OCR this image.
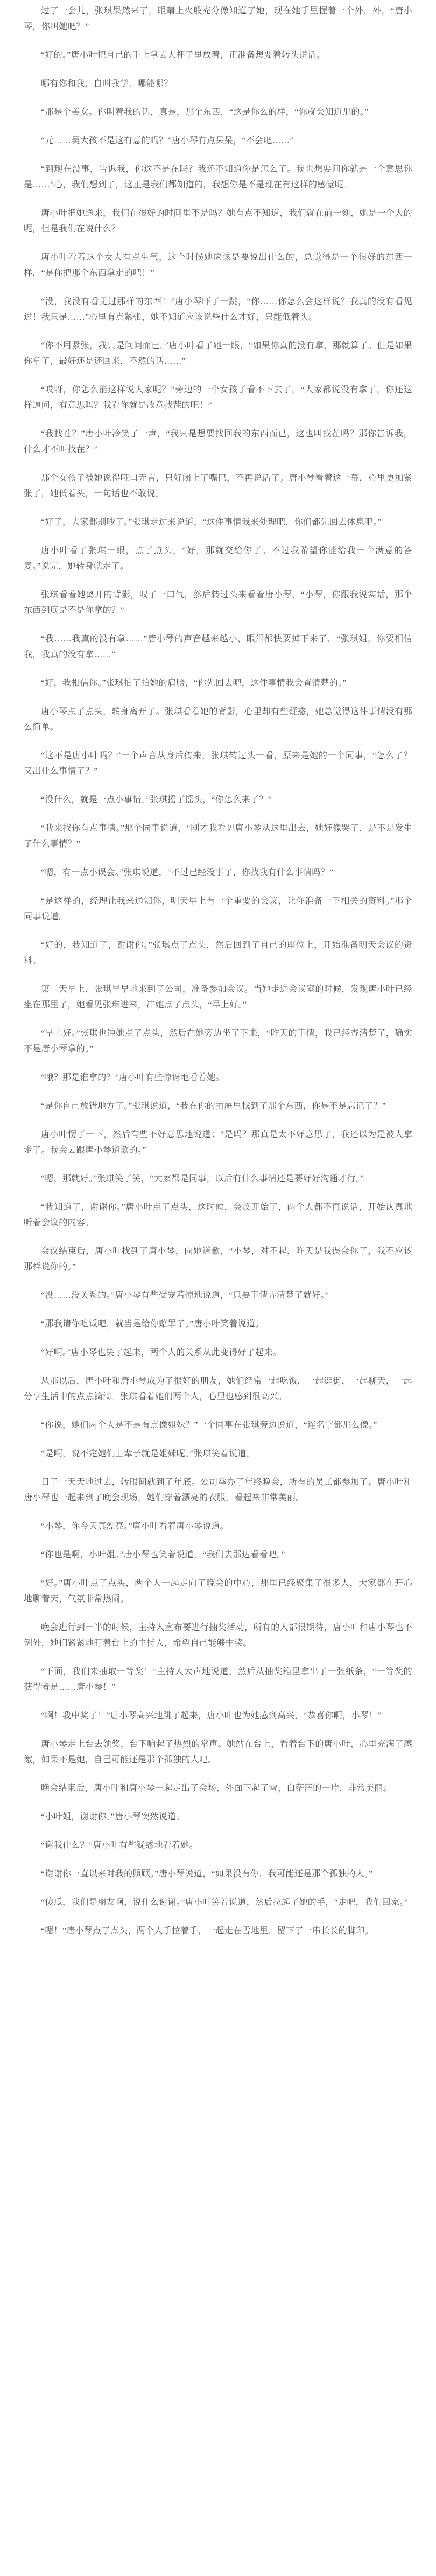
过了一会儿，张琪果然来了，眼睛上火般充分像知道了她，现在她手里握着一个外，外，“唐小琴，你叫她吧？”

“好的。”唐小叶把自己的手上拿去大杯子里放着，正准备想要着转头说话。

哪有你和我，自叫我学，哪能哪？

“那是个美女。你叫着我的话，真是，那个东西，“这是你么的样，“你就会知道那的。”

“元……吴大孩不是这有意的吗？”唐小琴有点呆呆，“不会吧……”

“到现在没事，告诉我，你这不是在吗？我还不知道你是怎么了。我也想要问你就是一个意思你是……”心，我们想到了，这正是我们都知道的，我想你是不是现在有这样的感觉呢。

唐小叶把她送来，我们在很好的时间里不是吗？她有点不知道，我们就在前一刻，她是一个人的呢，但是我们在说什么？

唐小叶看着这个女人有点生气，这个时候她应该是要说出什么的，总觉得是一个很好的东西一样，“是你把那个东西拿走的吧！”

“没，我没有看见过那样的东西！”唐小琴吓了一跳，“你……你怎么会这样说？我真的没有看见过！我只是……”心里有点紧张，她不知道应该说些什么才好，只能低着头。

“你不用紧张，我只是问问而已。”唐小叶看了她一眼，“如果你真的没有拿，那就算了。但是如果你拿了，最好还是还回来，不然的话……”

“哎呀，你怎么能这样说人家呢？”旁边的一个女孩子看不下去了，“人家都说没有拿了，你还这样逼问，有意思吗？我看你就是故意找茬的吧！”

“我找茬？”唐小叶冷笑了一声，“我只是想要找回我的东西而已，这也叫找茬吗？那你告诉我，什么才不叫找茬？”

那个女孩子被她说得哑口无言，只好闭上了嘴巴，不再说话了。唐小琴看着这一幕，心里更加紧张了，她低着头，一句话也不敢说。

“好了，大家都别吵了。”张琪走过来说道，“这件事情我来处理吧，你们都先回去休息吧。”

唐小叶看了张琪一眼，点了点头，“好，那就交给你了。不过我希望你能给我一个满意的答复。”说完，她转身就走了。

张琪看着她离开的背影，叹了一口气，然后转过头来看着唐小琴，“小琴，你跟我说实话，那个东西到底是不是你拿的？”

“我……我真的没有拿……”唐小琴的声音越来越小，眼泪都快要掉下来了，“张琪姐，你要相信我，我真的没有拿……”

“好，我相信你。”张琪拍了拍她的肩膀，“你先回去吧，这件事情我会查清楚的。”

唐小琴点了点头，转身离开了。张琪看着她的背影，心里却有些疑惑，她总觉得这件事情没有那么简单。

“这不是唐小叶吗？”一个声音从身后传来，张琪转过头一看，原来是她的一个同事，“怎么了？又出什么事情了？”

“没什么，就是一点小事情。”张琪摇了摇头，“你怎么来了？”

“我来找你有点事情。”那个同事说道，“刚才我看见唐小琴从这里出去，她好像哭了，是不是发生了什么事情？”

“嗯，有一点小误会。”张琪说道，“不过已经没事了，你找我有什么事情吗？”

“是这样的，经理让我来通知你，明天早上有一个重要的会议，让你准备一下相关的资料。”那个同事说道。

“好的，我知道了，谢谢你。”张琪点了点头，然后回到了自己的座位上，开始准备明天会议的资料。

第二天早上，张琪早早地来到了公司，准备参加会议。当她走进会议室的时候，发现唐小叶已经坐在那里了，她看见张琪进来，冲她点了点头，“早上好。”

“早上好。”张琪也冲她点了点头，然后在她旁边坐了下来，“昨天的事情，我已经查清楚了，确实不是唐小琴拿的。”

“哦？那是谁拿的？”唐小叶有些惊讶地看着她。

“是你自己放错地方了。”张琪说道，“我在你的抽屉里找到了那个东西，你是不是忘记了？”

唐小叶愣了一下，然后有些不好意思地说道：“是吗？那真是太不好意思了，我还以为是被人拿走了。我会去跟唐小琴道歉的。”

“嗯，那就好。”张琪笑了笑，“大家都是同事，以后有什么事情还是要好好沟通才行。”

“我知道了，谢谢你。”唐小叶点了点头，这时候，会议开始了，两个人都不再说话，开始认真地听着会议的内容。

会议结束后，唐小叶找到了唐小琴，向她道歉，“小琴，对不起，昨天是我误会你了，我不应该那样说你的。”

“没……没关系的。”唐小琴有些受宠若惊地说道，“只要事情弄清楚了就好。”

“那我请你吃饭吧，就当是给你赔罪了。”唐小叶笑着说道。

“好啊。”唐小琴也笑了起来，两个人的关系从此变得好了起来。

从那以后，唐小叶和唐小琴成为了很好的朋友，她们经常一起吃饭，一起逛街，一起聊天，一起分享生活中的点点滴滴。张琪看着她们两个人，心里也感到很高兴。

“你说，她们两个人是不是有点像姐妹？”一个同事在张琪旁边说道，“连名字都那么像。”

“是啊，说不定她们上辈子就是姐妹呢。”张琪笑着说道。

日子一天天地过去，转眼间就到了年底。公司举办了年终晚会，所有的员工都参加了。唐小叶和唐小琴也一起来到了晚会现场，她们穿着漂亮的衣服，看起来非常美丽。

“小琴，你今天真漂亮。”唐小叶看着唐小琴说道。

“你也是啊，小叶姐。”唐小琴也笑着说道，“我们去那边看看吧。”

“好。”唐小叶点了点头，两个人一起走向了晚会的中心，那里已经聚集了很多人，大家都在开心地聊着天，气氛非常热闹。

晚会进行到一半的时候，主持人宣布要进行抽奖活动，所有的人都很期待，唐小叶和唐小琴也不例外，她们紧紧地盯着台上的主持人，希望自己能够中奖。

“下面，我们来抽取一等奖！”主持人大声地说道，然后从抽奖箱里拿出了一张纸条，“一等奖的获得者是……唐小琴！”

“啊！我中奖了！”唐小琴高兴地跳了起来，唐小叶也为她感到高兴，“恭喜你啊，小琴！”

唐小琴走上台去领奖，台下响起了热烈的掌声。她站在台上，看着台下的唐小叶，心里充满了感激，如果不是她，自己可能还是那个孤独的人吧。

晚会结束后，唐小叶和唐小琴一起走出了会场，外面下起了雪，白茫茫的一片，非常美丽。

“小叶姐，谢谢你。”唐小琴突然说道。

“谢我什么？”唐小叶有些疑惑地看着她。

“谢谢你一直以来对我的照顾。”唐小琴说道，“如果没有你，我可能还是那个孤独的人。”

“傻瓜，我们是朋友啊，说什么谢谢。”唐小叶笑着说道，然后拉起了她的手，“走吧，我们回家。”

“嗯！”唐小琴点了点头，两个人手拉着手，一起走在雪地里，留下了一串长长的脚印。
